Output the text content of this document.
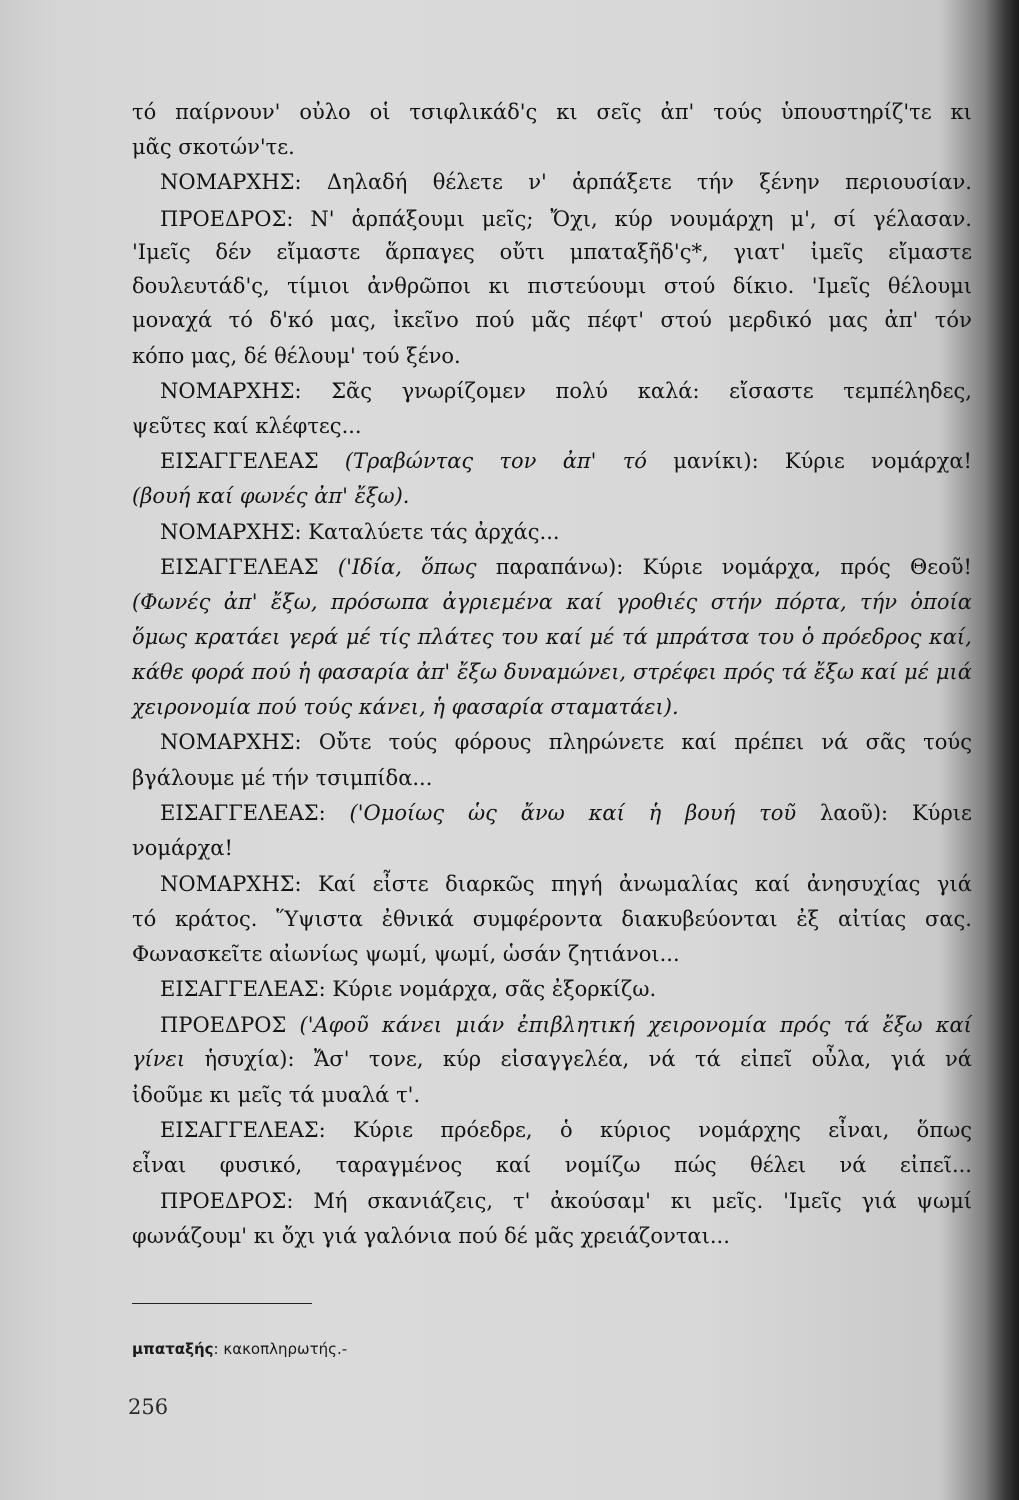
τό παίρνουν' οὐλο οἱ τσιφλικάδ'ς κι σεῖς ἀπ' τούς ὑπουστηρίζ'τε κι
μᾶς σκοτών'τε.
ΝΟΜΑΡΧΗΣ: Δηλαδή θέλετε ν' ἁρπάξετε τήν ξένην περιουσίαν.
ΠΡΟΕΔΡΟΣ: Ν' ἁρπάξουμι μεῖς; Ὄχι, κύρ νουμάρχη μ', σί γέλασαν.
'Ιμεῖς δέν εἴμαστε ἅρπαγες οὔτι μπαταξῆδ'ς*, γιατ' ἰμεῖς εἴμαστε
δουλευτάδ'ς, τίμιοι ἀνθρῶποι κι πιστεύουμι στού δίκιο. 'Ιμεῖς θέλουμι
μοναχά τό δ'κό μας, ἰκεῖνο πού μᾶς πέφτ' στού μερδικό μας ἀπ' τόν
κόπο μας, δέ θέλουμ' τού ξένο.
ΝΟΜΑΡΧΗΣ: Σᾶς γνωρίζομεν πολύ καλά: εἴσαστε τεμπέληδες,
ψεῦτες καί κλέφτες...
ΕΙΣΑΓΓΕΛΕΑΣ (Τραβώντας τον ἀπ' τό μανίκι): Κύριε νομάρχα!
(βουή καί φωνές ἀπ' ἔξω).
ΝΟΜΑΡΧΗΣ: Καταλύετε τάς ἀρχάς...
ΕΙΣΑΓΓΕΛΕΑΣ ('Ιδία, ὅπως παραπάνω): Κύριε νομάρχα, πρός Θεοῦ!
(Φωνές ἀπ' ἔξω, πρόσωπα ἀγριεμένα καί γροθιές στήν πόρτα, τήν ὁποία
ὅμως κρατάει γερά μέ τίς πλάτες του καί μέ τά μπράτσα του ὁ πρόεδρος καί,
κάθε φορά πού ἡ φασαρία ἀπ' ἔξω δυναμώνει, στρέφει πρός τά ἔξω καί μέ μιά
χειρονομία πού τούς κάνει, ἡ φασαρία σταματάει).
ΝΟΜΑΡΧΗΣ: Οὔτε τούς φόρους πληρώνετε καί πρέπει νά σᾶς τούς
βγάλουμε μέ τήν τσιμπίδα...
ΕΙΣΑΓΓΕΛΕΑΣ: ('Ομοίως ὡς ἄνω καί ἡ βουή τοῦ λαοῦ): Κύριε
νομάρχα!
ΝΟΜΑΡΧΗΣ: Καί εἶστε διαρκῶς πηγή ἀνωμαλίας καί ἀνησυχίας γιά
τό κράτος. Ὕψιστα ἐθνικά συμφέροντα διακυβεύονται ἐξ αἰτίας σας.
Φωνασκεῖτε αἰωνίως ψωμί, ψωμί, ὡσάν ζητιάνοι...
ΕΙΣΑΓΓΕΛΕΑΣ: Κύριε νομάρχα, σᾶς ἐξορκίζω.
ΠΡΟΕΔΡΟΣ ('Αφοῦ κάνει μιάν ἐπιβλητική χειρονομία πρός τά ἔξω καί
γίνει ἡσυχία): Ἄσ' τονε, κύρ εἰσαγγελέα, νά τά εἰπεῖ οὖλα, γιά νά
ἰδοῦμε κι μεῖς τά μυαλά τ'.
ΕΙΣΑΓΓΕΛΕΑΣ: Κύριε πρόεδρε, ὁ κύριος νομάρχης εἶναι, ὅπως
εἶναι φυσικό, ταραγμένος καί νομίζω πώς θέλει νά εἰπεῖ...
ΠΡΟΕΔΡΟΣ: Μή σκανιάζεις, τ' ἀκούσαμ' κι μεῖς. 'Ιμεῖς γιά ψωμί
φωνάζουμ' κι ὄχι γιά γαλόνια πού δέ μᾶς χρειάζονται...
μπαταξής: κακοπληρωτής.-
256
